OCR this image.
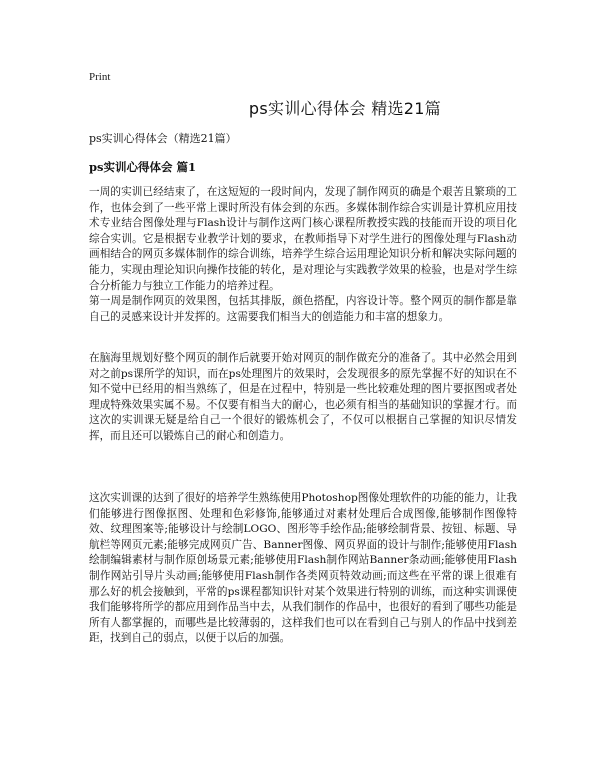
Print
ps实训心得体会 精选21篇

ps实训心得体会（精选21篇）

ps实训心得体会 篇1

一周的实训已经结束了，在这短短的一段时间内，发现了制作网页的确是个艰苦且繁琐的工作，也体会到了一些平常上课时所没有体会到的东西。多媒体制作综合实训是计算机应用技术专业结合图像处理与Flash设计与制作这两门核心课程所教授实践的技能而开设的项目化综合实训。它是根据专业教学计划的要求，在教师指导下对学生进行的图像处理与Flash动画相结合的网页多媒体制作的综合训练，培养学生综合运用理论知识分析和解决实际问题的能力，实现由理论知识向操作技能的转化，是对理论与实践教学效果的检验，也是对学生综合分析能力与独立工作能力的培养过程。

第一周是制作网页的效果图，包括其排版，颜色搭配，内容设计等。整个网页的制作都是靠自己的灵感来设计并发挥的。这需要我们相当大的创造能力和丰富的想象力。

在脑海里规划好整个网页的制作后就要开始对网页的制作做充分的准备了。其中必然会用到对之前ps课所学的知识，而在ps处理图片的效果时，会发现很多的原先掌握不好的知识在不知不觉中已经用的相当熟练了，但是在过程中，特别是一些比较难处理的图片要抠图或者处理成特殊效果实属不易。不仅要有相当大的耐心，也必须有相当的基础知识的掌握才行。而这次的实训课无疑是给自己一个很好的锻炼机会了，不仅可以根据自己掌握的知识尽情发挥，而且还可以锻炼自己的耐心和创造力。

这次实训课的达到了很好的培养学生熟练使用Photoshop图像处理软件的功能的能力，让我们能够进行图像抠图、处理和色彩修饰,能够通过对素材处理后合成图像,能够制作图像特效、纹理图案等;能够设计与绘制LOGO、图形等手绘作品;能够绘制背景、按钮、标题、导航栏等网页元素;能够完成网页广告、Banner图像、网页界面的设计与制作;能够使用Flash绘制编辑素材与制作原创场景元素;能够使用Flash制作网站Banner条动画;能够使用Flash制作网站引导片头动画;能够使用Flash制作各类网页特效动画;而这些在平常的课上很难有那么好的机会接触到，平常的ps课程都知识针对某个效果进行特别的训练，而这种实训课使我们能够将所学的都应用到作品当中去，从我们制作的作品中，也很好的看到了哪些功能是所有人都掌握的，而哪些是比较薄弱的，这样我们也可以在看到自己与别人的作品中找到差距，找到自己的弱点，以便于以后的加强。
